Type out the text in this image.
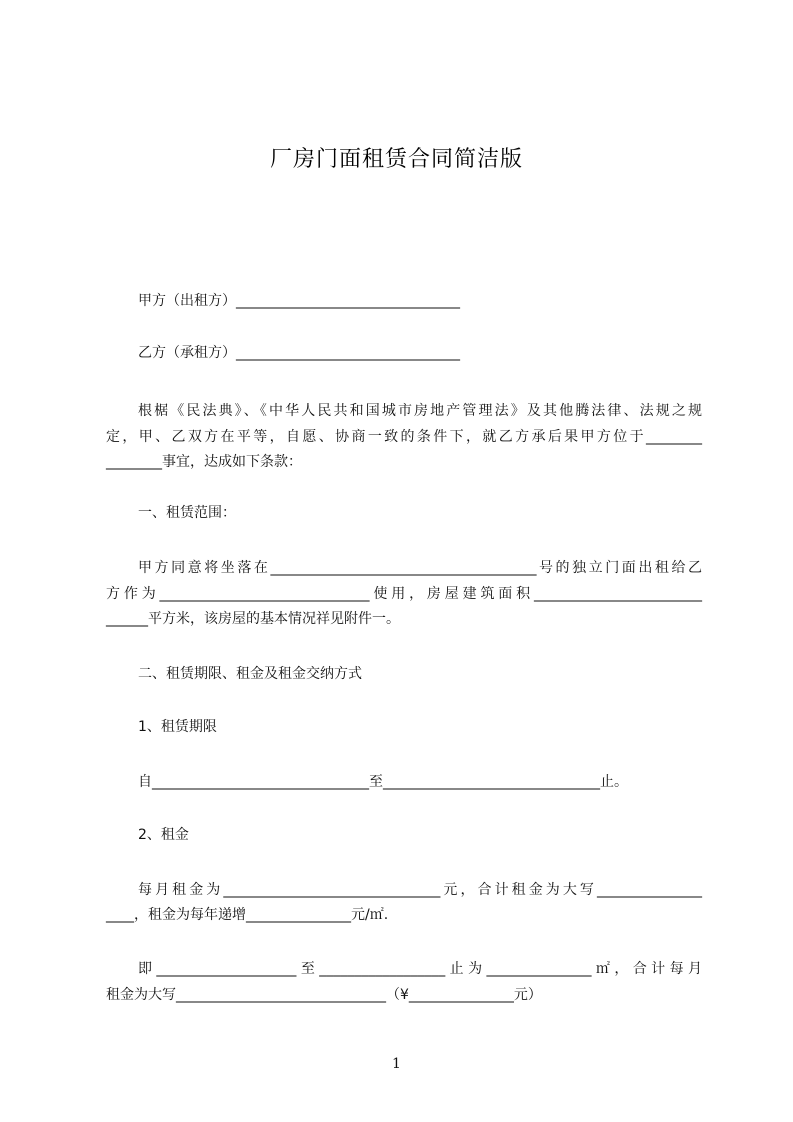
厂房门面租赁合同简洁版
甲方（出租方）________________________________
乙方（承租方）________________________________
根椐《民法典》、《中华人民共和国城市房地产管理法》及其他腾法律、法规之规
定，甲、乙双方在平等，自愿、协商一致的条件下，就乙方承后果甲方位于________
________事宜，达成如下条款：
一、租赁范围：
甲方同意将坐落在______________________________________号的独立门面出租给乙
方作为______________________________使用，房屋建筑面积________________________
______平方米，该房屋的基本情况祥见附件一。
二、租赁期限、租金及租金交纳方式
1、租赁期限
自_______________________________至_______________________________止。
2、租金
每月租金为_______________________________元，合计租金为大写_______________
____，租金为每年递增_______________元/㎡.
即____________________至__________________止为_______________㎡，合计每月
租金为大写______________________________（¥_______________元）
1
